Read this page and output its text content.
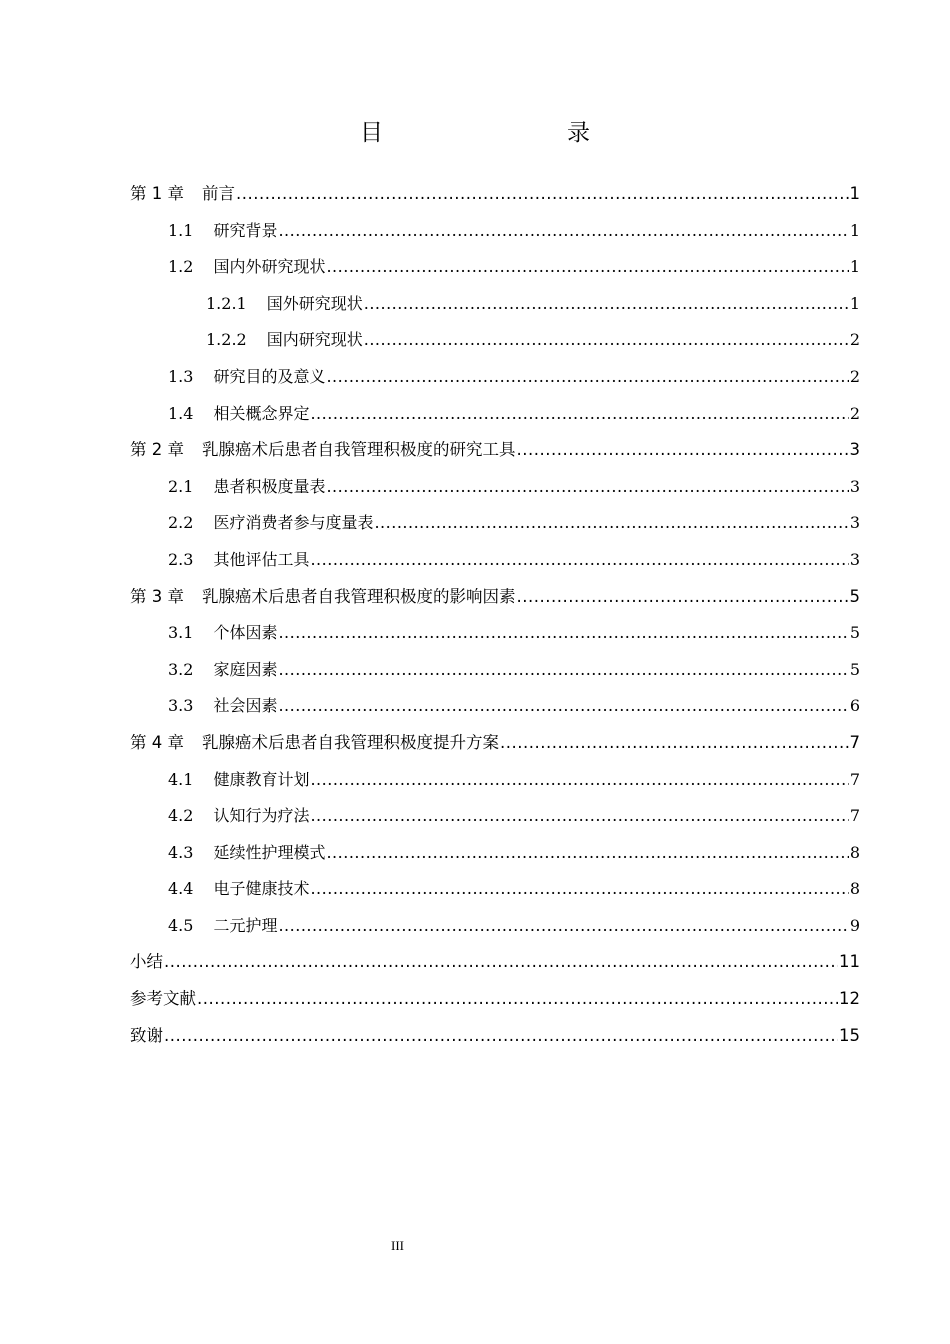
目　　录
第 1 章 前言 .....	1
1.1 研究背景 .....	1
1.2 国内外研究现状 .....	1
1.2.1 国外研究现状 .....	1
1.2.2 国内研究现状 .....	2
1.3 研究目的及意义 .....	2
1.4 相关概念界定 .....	2
第 2 章 乳腺癌术后患者自我管理积极度的研究工具 .....	3
2.1 患者积极度量表 .....	3
2.2 医疗消费者参与度量表 .....	3
2.3 其他评估工具 .....	3
第 3 章 乳腺癌术后患者自我管理积极度的影响因素 .....	5
3.1 个体因素 .....	5
3.2 家庭因素 .....	5
3.3 社会因素 .....	6
第 4 章 乳腺癌术后患者自我管理积极度提升方案 .....	7
4.1 健康教育计划 .....	7
4.2 认知行为疗法 .....	7
4.3 延续性护理模式 .....	8
4.4 电子健康技术 .....	8
4.5 二元护理 .....	9
小结 .....	11
参考文献 .....	12
致谢 .....	15
III
